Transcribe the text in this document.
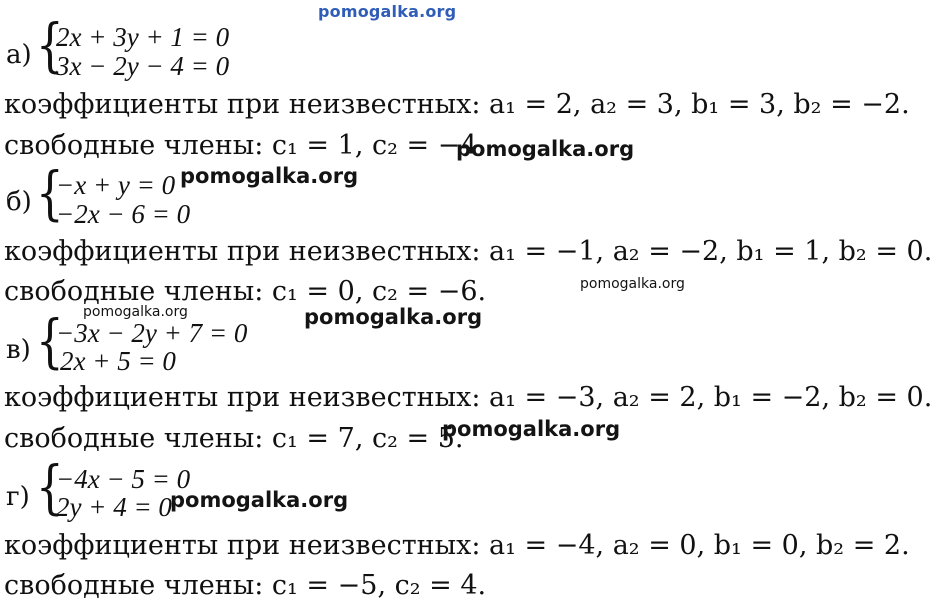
pomogalka.org
а) {
2x + 3y + 1 = 0
3x − 2y − 4 = 0
коэффициенты при неизвестных: a₁ = 2, a₂ = 3, b₁ = 3, b₂ = −2.
свободные члены: c₁ = 1, c₂ = −4.
pomogalka.org
б) {
−x + y = 0
−2x − 6 = 0
pomogalka.org
коэффициенты при неизвестных: a₁ = −1, a₂ = −2, b₁ = 1, b₂ = 0.
pomogalka.org
свободные члены: c₁ = 0, c₂ = −6.
pomogalka.org	pomogalka.org
в) {
−3x − 2y + 7 = 0
2x + 5 = 0
коэффициенты при неизвестных: a₁ = −3, a₂ = 2, b₁ = −2, b₂ = 0.
свободные члены: c₁ = 7, c₂ = 5.
pomogalka.org
г) {
−4x − 5 = 0
2y + 4 = 0
pomogalka.org
коэффициенты при неизвестных: a₁ = −4, a₂ = 0, b₁ = 0, b₂ = 2.
свободные члены: c₁ = −5, c₂ = 4.
